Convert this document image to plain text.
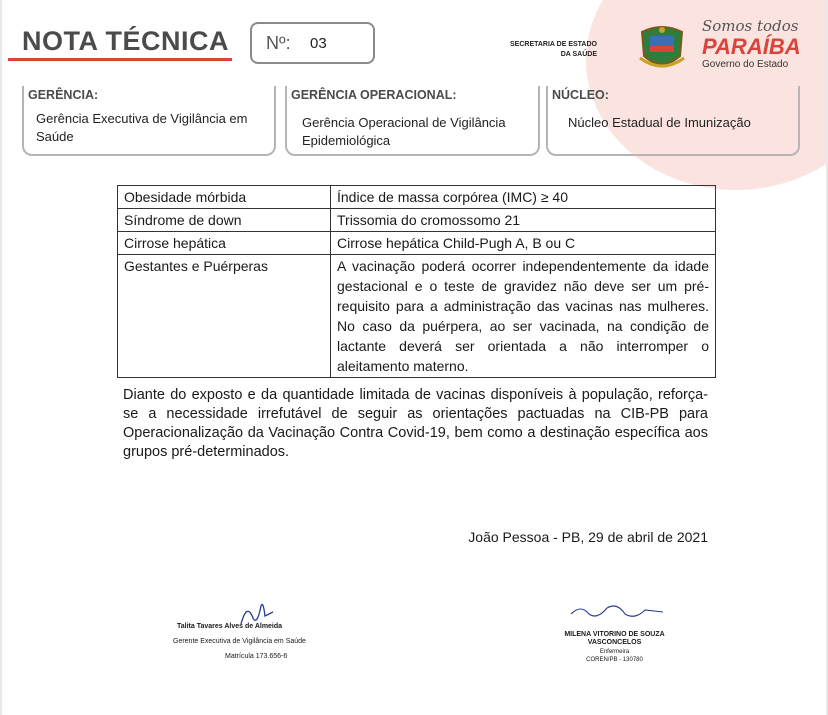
NOTA TÉCNICA Nº: 03	SECRETARIA DE ESTADO
DA SAÚDE
Somos todos
PARAÍBA
Governo do Estado
GERÊNCIA:
Gerência Executiva de Vigilância em Saúde
GERÊNCIA OPERACIONAL:
Gerência Operacional de Vigilância Epidemiológica
NÚCLEO:
Núcleo Estadual de Imunização
Obesidade mórbida	Índice de massa corpórea (IMC) ≥ 40
Síndrome de down	Trissomia do cromossomo 21
Cirrose hepática	Cirrose hepática Child-Pugh A, B ou C
Gestantes e Puérperas	A vacinação poderá ocorrer independentemente da idade gestacional e o teste de gravidez não deve ser um pré-requisito para a administração das vacinas nas mulheres. No caso da puérpera, ao ser vacinada, na condição de lactante deverá ser orientada a não interromper o aleitamento materno.
Diante do exposto e da quantidade limitada de vacinas disponíveis à população, reforça-se a necessidade irrefutável de seguir as orientações pactuadas na CIB-PB para Operacionalização da Vacinação Contra Covid-19, bem como a destinação específica aos grupos pré-determinados.
João Pessoa - PB, 29 de abril de 2021
Talita Tavares Alves de Almeida
Gerente Executiva de Vigilância em Saúde
Matrícula 173.656-6
MILENA VITORINO DE SOUZA VASCONCELOS
Enfermeira
COREN/PB - 130780
